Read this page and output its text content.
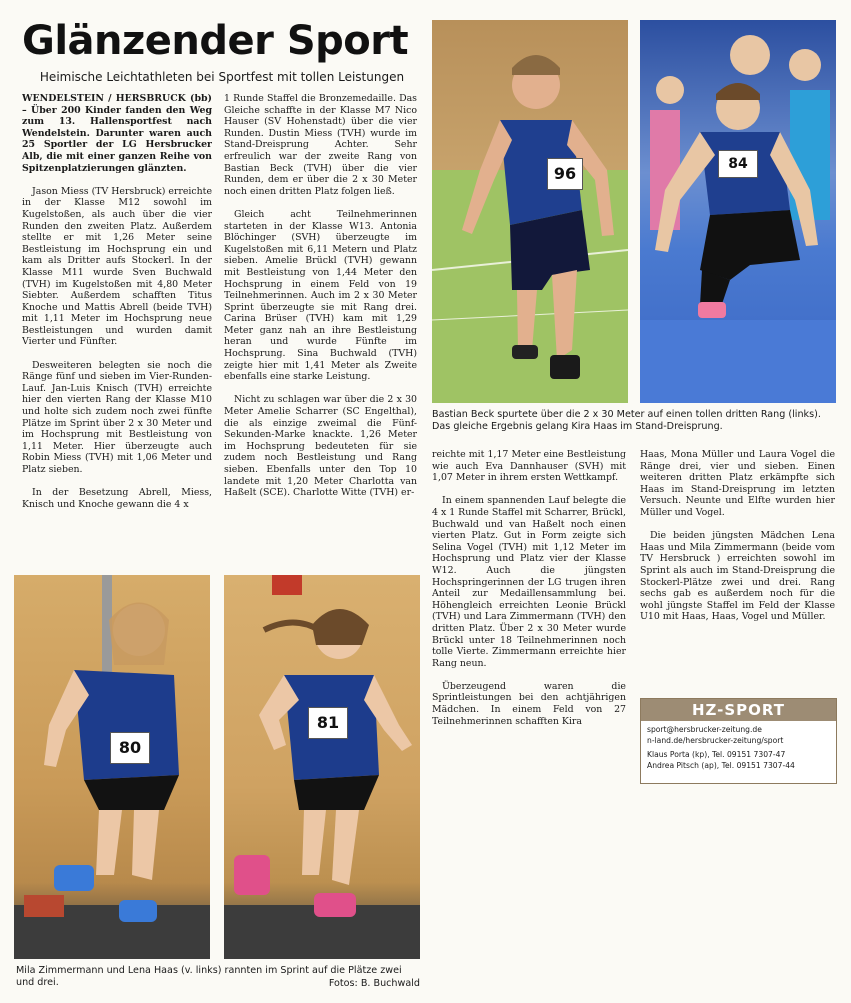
Glänzender Sport
Heimische Leichtathleten bei Sportfest mit tollen Leistungen

WENDELSTEIN / HERSBRUCK (bb) – Über 200 Kinder fanden den Weg zum 13. Hallensportfest nach Wendelstein. Darunter waren auch 25 Sportler der LG Hersbrucker Alb, die mit einer ganzen Reihe von Spitzenplatzierungen glänzten.

Jason Miess (TV Hersbruck) erreichte in der Klasse M12 sowohl im Kugelstoßen, als auch über die vier Runden den zweiten Platz. Außerdem stellte er mit 1,26 Meter seine Bestleistung im Hochsprung ein und kam als Dritter aufs Stockerl. In der Klasse M11 wurde Sven Buchwald (TVH) im Kugelstoßen mit 4,80 Meter Siebter. Außerdem schafften Titus Knoche und Mattis Abrell (beide TVH) mit 1,11 Meter im Hochsprung neue Bestleistungen und wurden damit Vierter und Fünfter.

Desweiteren belegten sie noch die Ränge fünf und sieben im Vier-Runden-Lauf. Jan-Luis Knisch (TVH) erreichte hier den vierten Rang der Klasse M10 und holte sich zudem noch zwei fünfte Plätze im Sprint über 2 x 30 Meter und im Hochsprung mit Bestleistung von 1,11 Meter. Hier überzeugte auch Robin Miess (TVH) mit 1,06 Meter und Platz sieben.

In der Besetzung Abrell, Miess, Knisch und Knoche gewann die 4 x

1 Runde Staffel die Bronzemedaille. Das Gleiche schaffte in der Klasse M7 Nico Hauser (SV Hohenstadt) über die vier Runden. Dustin Miess (TVH) wurde im Stand-Dreisprung Achter. Sehr erfreulich war der zweite Rang von Bastian Beck (TVH) über die vier Runden, dem er über die 2 x 30 Meter noch einen dritten Platz folgen ließ.

Gleich acht Teilnehmerinnen starteten in der Klasse W13. Antonia Blöchinger (SVH) überzeugte im Kugelstoßen mit 6,11 Metern und Platz sieben. Amelie Brückl (TVH) gewann mit Bestleistung von 1,44 Meter den Hochsprung in einem Feld von 19 Teilnehmerinnen. Auch im 2 x 30 Meter Sprint überzeugte sie mit Rang drei. Carina Brüser (TVH) kam mit 1,29 Meter ganz nah an ihre Bestleistung heran und wurde Fünfte im Hochsprung. Sina Buchwald (TVH) zeigte hier mit 1,41 Meter als Zweite ebenfalls eine starke Leistung.

Nicht zu schlagen war über die 2 x 30 Meter Amelie Scharrer (SC Engelthal), die als einzige zweimal die Fünf-Sekunden-Marke knackte. 1,26 Meter im Hochsprung bedeuteten für sie zudem noch Bestleistung und Rang sieben. Ebenfalls unter den Top 10 landete mit 1,20 Meter Charlotta van Haßelt (SCE). Charlotte Witte (TVH) er-

96	84
Bastian Beck spurtete über die 2 x 30 Meter auf einen tollen dritten Rang (links). Das gleiche Ergebnis gelang Kira Haas im Stand-Dreisprung.

reichte mit 1,17 Meter eine Bestleistung wie auch Eva Dannhauser (SVH) mit 1,07 Meter in ihrem ersten Wettkampf.

In einem spannenden Lauf belegte die 4 x 1 Runde Staffel mit Scharrer, Brückl, Buchwald und van Haßelt noch einen vierten Platz. Gut in Form zeigte sich Selina Vogel (TVH) mit 1,12 Meter im Hochsprung und Platz vier der Klasse W12. Auch die jüngsten Hochspringerinnen der LG trugen ihren Anteil zur Medaillensammlung bei. Höhengleich erreichten Leonie Brückl (TVH) und Lara Zimmermann (TVH) den dritten Platz. Über 2 x 30 Meter wurde Brückl unter 18 Teilnehmerinnen noch tolle Vierte. Zimmermann erreichte hier Rang neun.

Überzeugend waren die Sprintleistungen bei den achtjährigen Mädchen. In einem Feld von 27 Teilnehmerinnen schafften Kira

Haas, Mona Müller und Laura Vogel die Ränge drei, vier und sieben. Einen weiteren dritten Platz erkämpfte sich Haas im Stand-Dreisprung im letzten Versuch. Neunte und Elfte wurden hier Müller und Vogel.

Die beiden jüngsten Mädchen Lena Haas und Mila Zimmermann (beide vom TV Hersbruck ) erreichten sowohl im Sprint als auch im Stand-Dreisprung die Stockerl-Plätze zwei und drei. Rang sechs gab es außerdem noch für die wohl jüngste Staffel im Feld der Klasse U10 mit Haas, Haas, Vogel und Müller.

HZ-SPORT
sport@hersbrucker-zeitung.de
n-land.de/hersbrucker-zeitung/sport
Klaus Porta (kp), Tel. 09151 7307-47
Andrea Pitsch (ap), Tel. 09151 7307-44
80
81
Mila Zimmermann und Lena Haas (v. links) rannten im Sprint auf die Plätze zwei und drei.	Fotos: B. Buchwald
